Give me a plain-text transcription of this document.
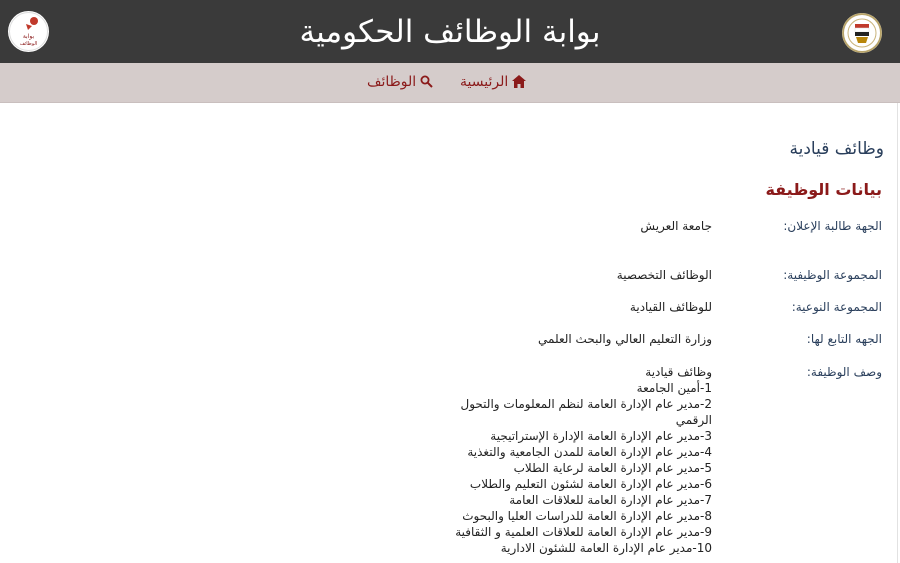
بوابة
الوظائف	بوابة الوظائف الحكومية
الرئيسية
الوظائف
وظائف قيادية
بيانات الوظيفة
الجهة طالبة الإعلان:
جامعة العريش
المجموعة الوظيفية:
الوظائف التخصصية
المجموعة النوعية:
للوظائف القيادية
الجهه التابع لها:
وزارة التعليم العالي والبحث العلمي
وصف الوظيفة:
وظائف قيادية
1-أمين الجامعة
2-مدير عام الإدارة العامة لنظم المعلومات والتحول الرقمي
3-مدير عام الإدارة العامة الإدارة الإستراتيجية
4-مدير عام الإدارة العامة للمدن الجامعية والتغذية
5-مدير عام الإدارة العامة لرعاية الطلاب
6-مدير عام الإدارة العامة لشئون التعليم والطلاب
7-مدير عام الإدارة العامة للعلاقات العامة
8-مدير عام الإدارة العامة للدراسات العليا والبحوث
9-مدير عام الإدارة العامة للعلاقات العلمية و الثقافية
10-مدير عام الإدارة العامة للشئون الادارية
